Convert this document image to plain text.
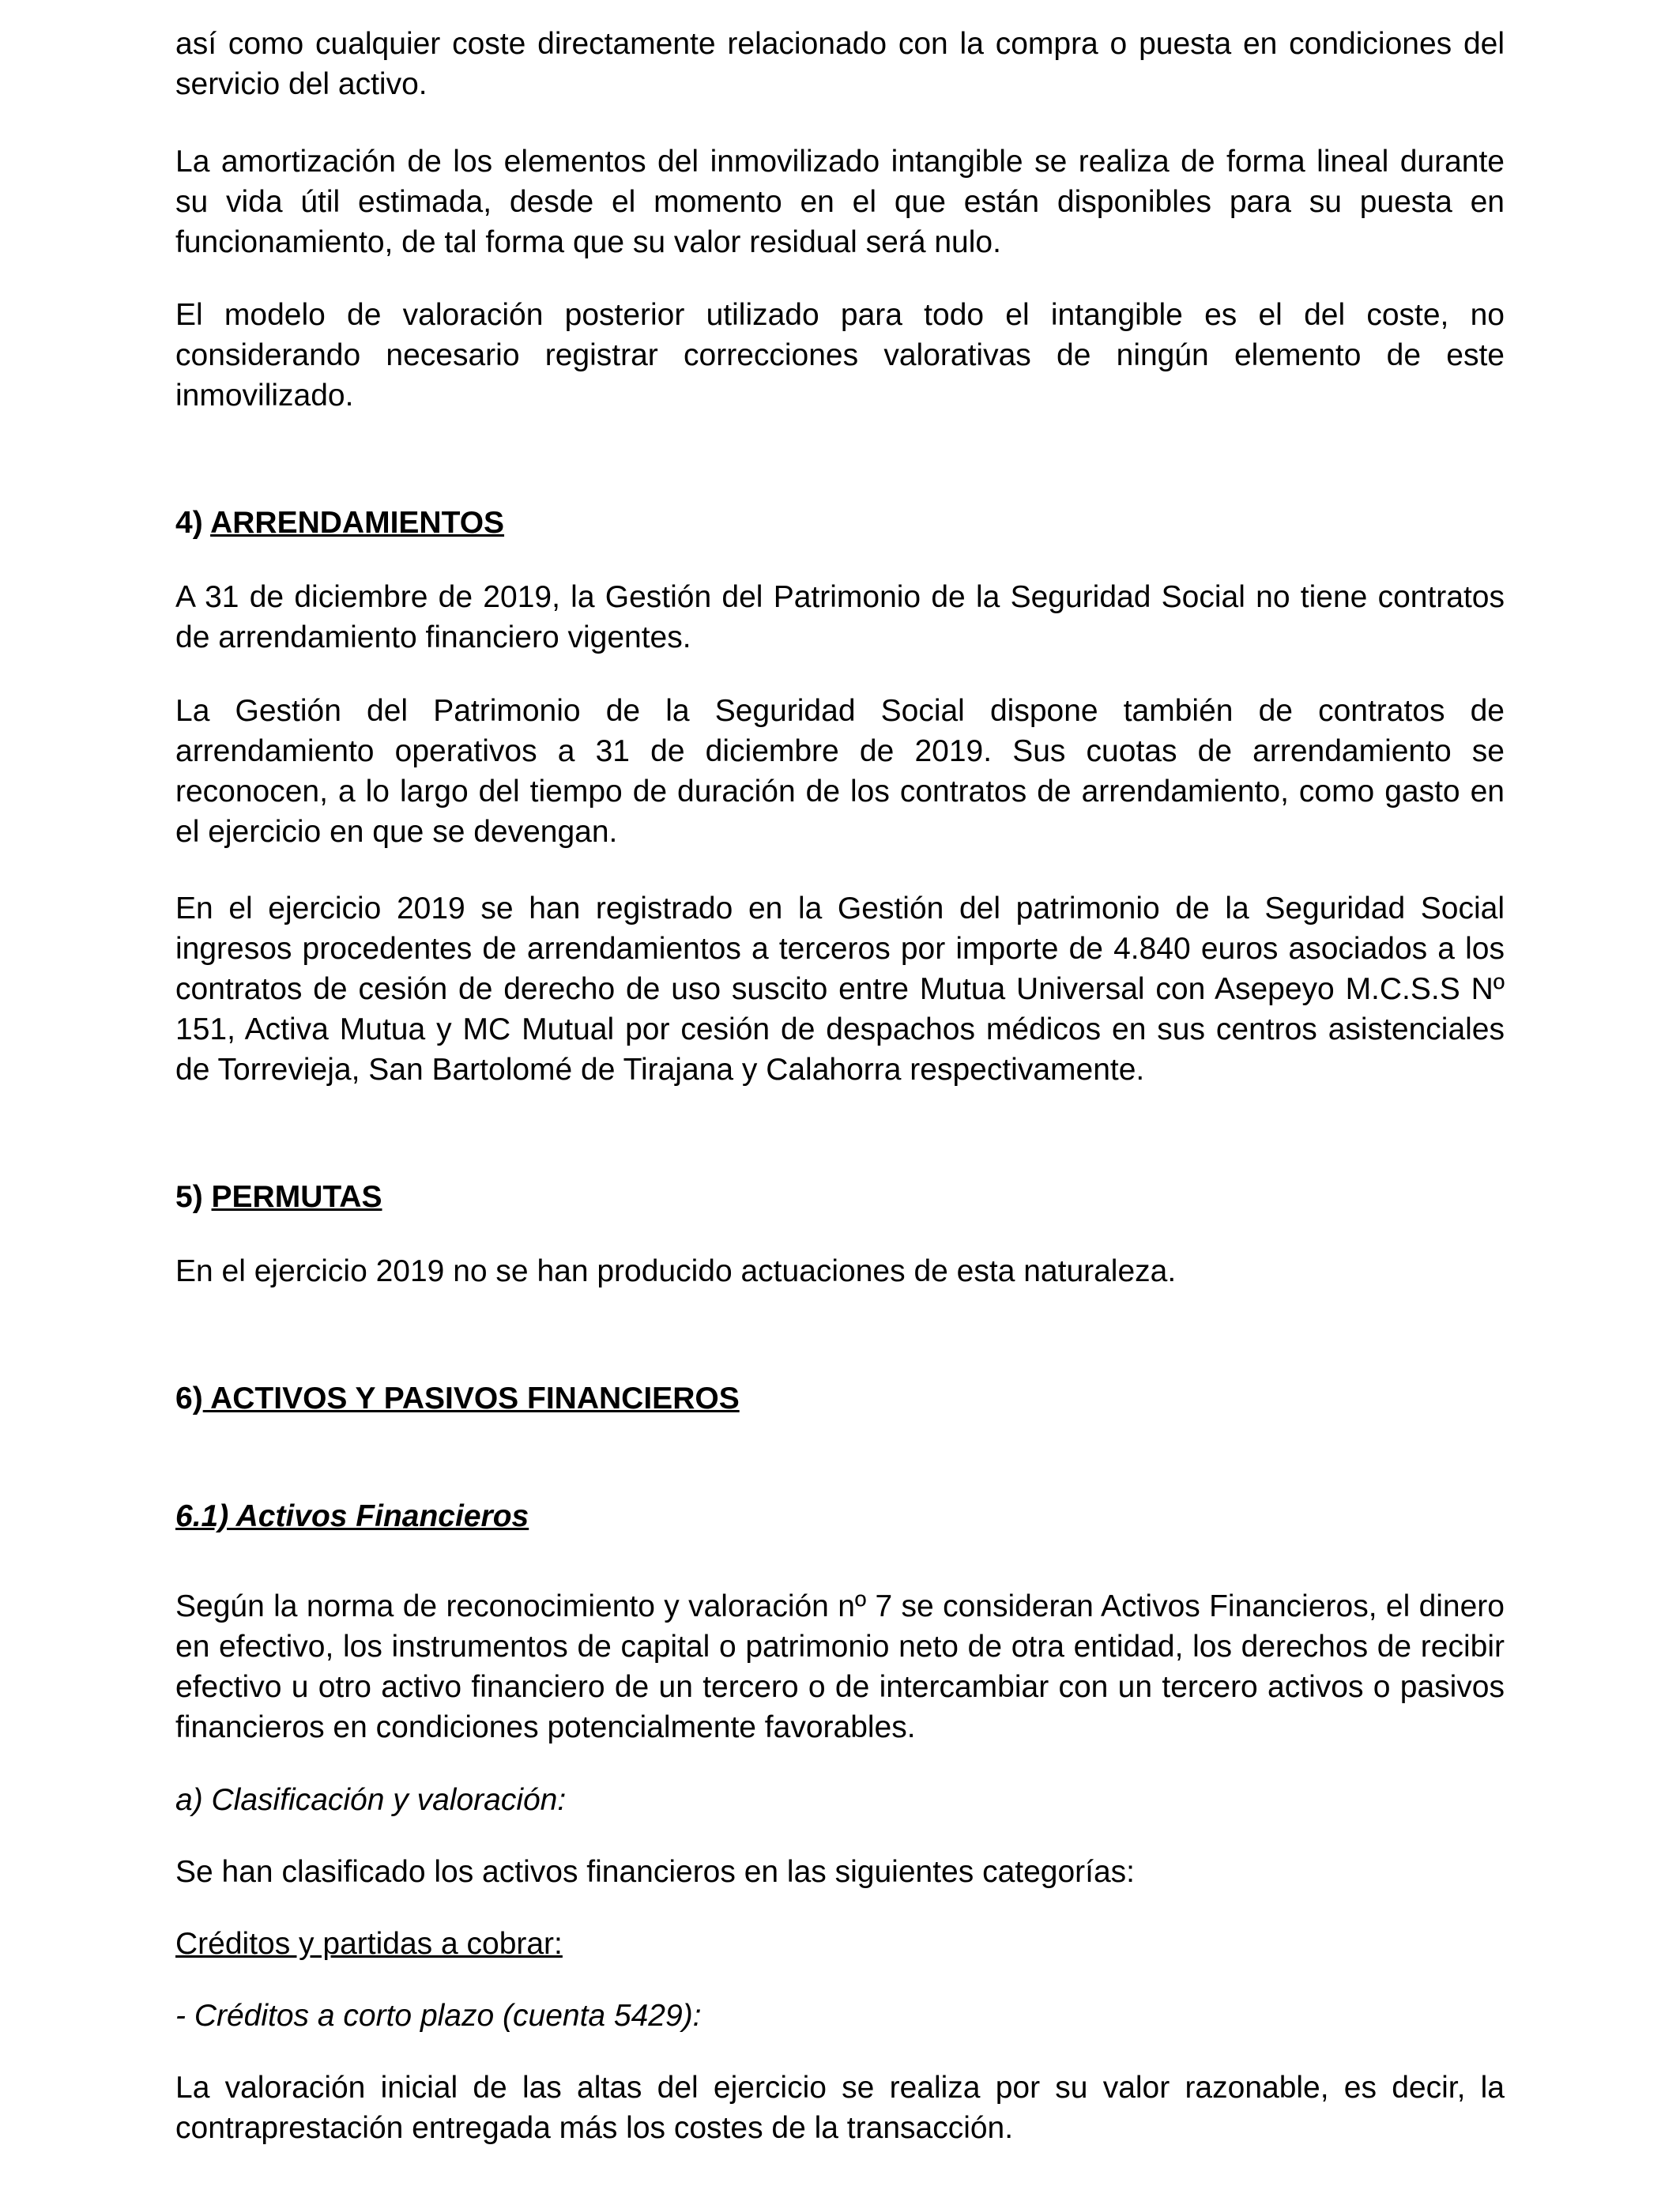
así como cualquier coste directamente relacionado con la compra o puesta en condiciones del servicio del activo.

La amortización de los elementos del inmovilizado intangible se realiza de forma lineal durante su vida útil estimada, desde el momento en el que están disponibles para su puesta en funcionamiento, de tal forma que su valor residual será nulo.

El modelo de valoración posterior utilizado para todo el intangible es el del coste, no considerando necesario registrar correcciones valorativas de ningún elemento de este inmovilizado.

4) ARRENDAMIENTOS

A 31 de diciembre de 2019, la Gestión del Patrimonio de la Seguridad Social no tiene contratos de arrendamiento financiero vigentes.

La Gestión del Patrimonio de la Seguridad Social dispone también de contratos de arrendamiento operativos a 31 de diciembre de 2019. Sus cuotas de arrendamiento se reconocen, a lo largo del tiempo de duración de los contratos de arrendamiento, como gasto en el ejercicio en que se devengan.

En el ejercicio 2019 se han registrado en la Gestión del patrimonio de la Seguridad Social ingresos procedentes de arrendamientos a terceros por importe de 4.840 euros asociados a los contratos de cesión de derecho de uso suscito entre Mutua Universal con Asepeyo M.C.S.S Nº 151, Activa Mutua y MC Mutual por cesión de despachos médicos en sus centros asistenciales de Torrevieja, San Bartolomé de Tirajana y Calahorra respectivamente.

5) PERMUTAS

En el ejercicio 2019 no se han producido actuaciones de esta naturaleza.

6) ACTIVOS Y PASIVOS FINANCIEROS
6.1) Activos Financieros

Según la norma de reconocimiento y valoración nº 7 se consideran Activos Financieros, el dinero en efectivo, los instrumentos de capital o patrimonio neto de otra entidad, los derechos de recibir efectivo u otro activo financiero de un tercero o de intercambiar con un tercero activos o pasivos financieros en condiciones potencialmente favorables.

a) Clasificación y valoración:

Se han clasificado los activos financieros en las siguientes categorías:

Créditos y partidas a cobrar:

- Créditos a corto plazo (cuenta 5429):

La valoración inicial de las altas del ejercicio se realiza por su valor razonable, es decir, la contraprestación entregada más los costes de la transacción.
